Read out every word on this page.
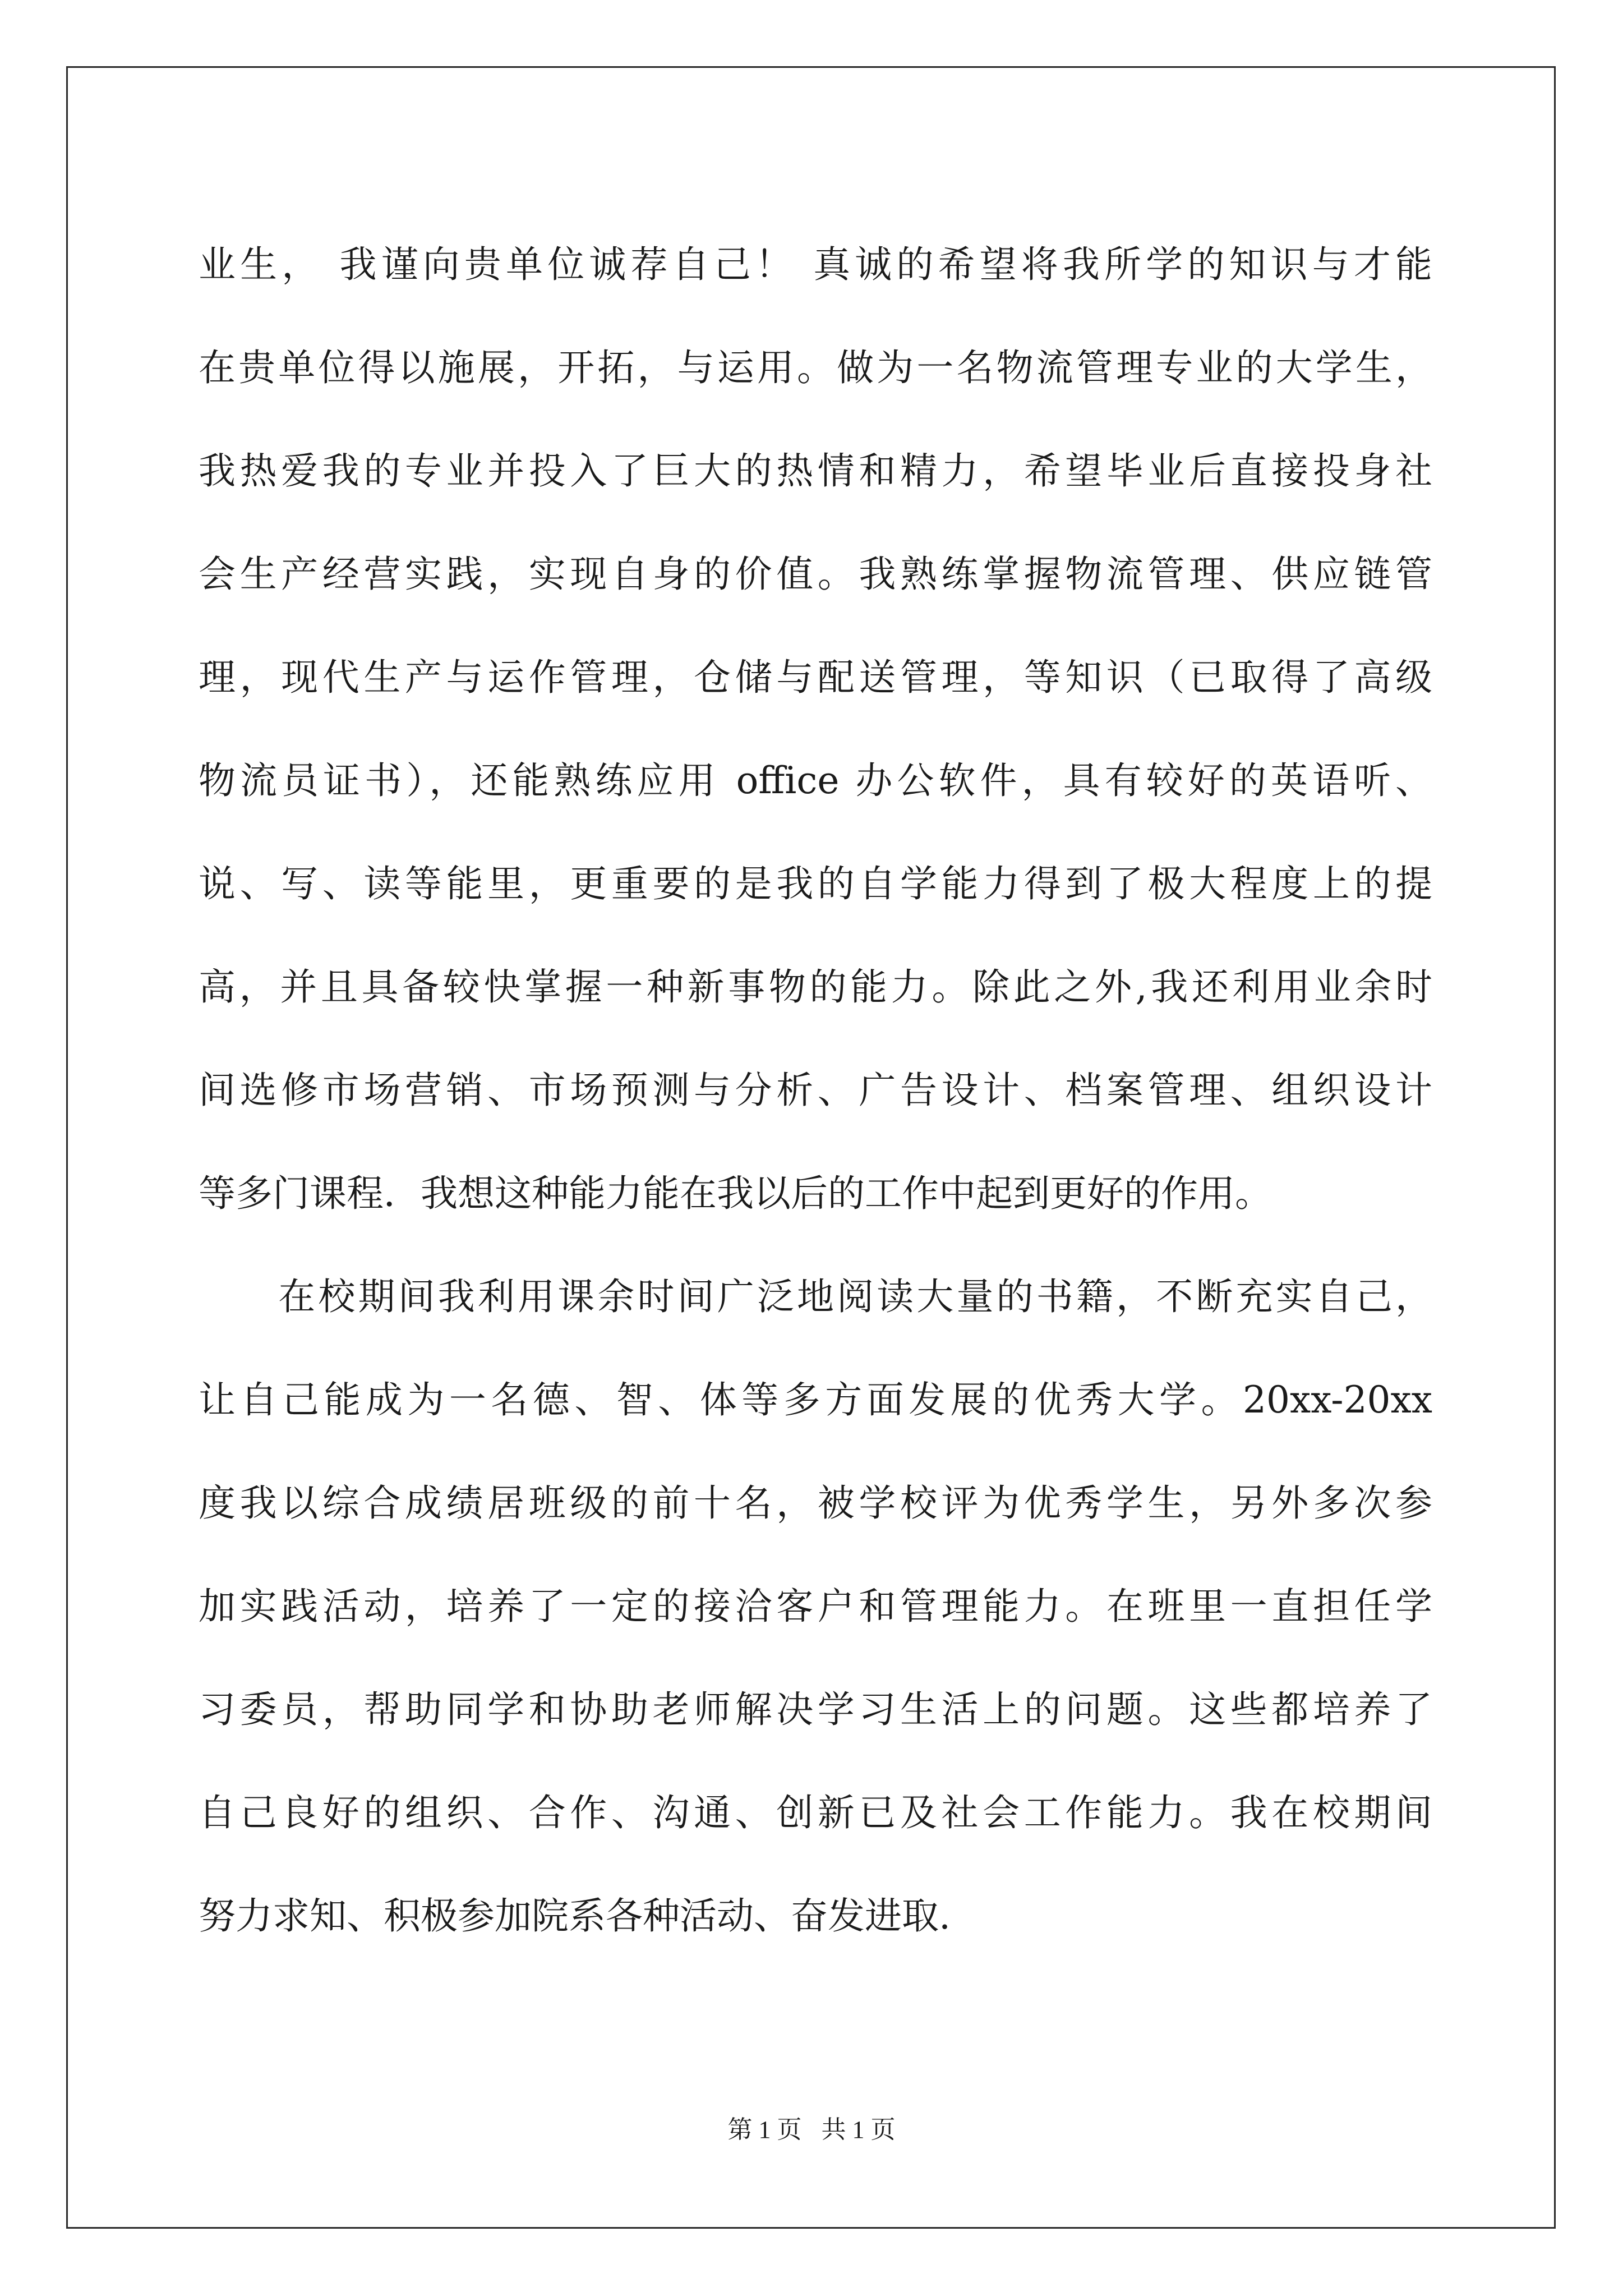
业生， 我谨向贵单位诚荐自己！ 真诚的希望将我所学的知识与才能
在贵单位得以施展，开拓，与运用。做为一名物流管理专业的大学生，
我热爱我的专业并投入了巨大的热情和精力，希望毕业后直接投身社
会生产经营实践，实现自身的价值。我熟练掌握物流管理、供应链管
理，现代生产与运作管理，仓储与配送管理，等知识（已取得了高级
物流员证书），还能熟练应用 office 办公软件，具有较好的英语听、
说、写、读等能里，更重要的是我的自学能力得到了极大程度上的提
高，并且具备较快掌握一种新事物的能力。除此之外,我还利用业余时
间选修市场营销、市场预测与分析、广告设计、档案管理、组织设计
等多门课程．我想这种能力能在我以后的工作中起到更好的作用。
　　在校期间我利用课余时间广泛地阅读大量的书籍，不断充实自己，
让自己能成为一名德、智、体等多方面发展的优秀大学。20xx-20xx
度我以综合成绩居班级的前十名，被学校评为优秀学生，另外多次参
加实践活动，培养了一定的接洽客户和管理能力。在班里一直担任学
习委员，帮助同学和协助老师解决学习生活上的问题。这些都培养了
自己良好的组织、合作、沟通、创新已及社会工作能力。我在校期间
努力求知、积极参加院系各种活动、奋发进取.
第 1 页 共 1 页
